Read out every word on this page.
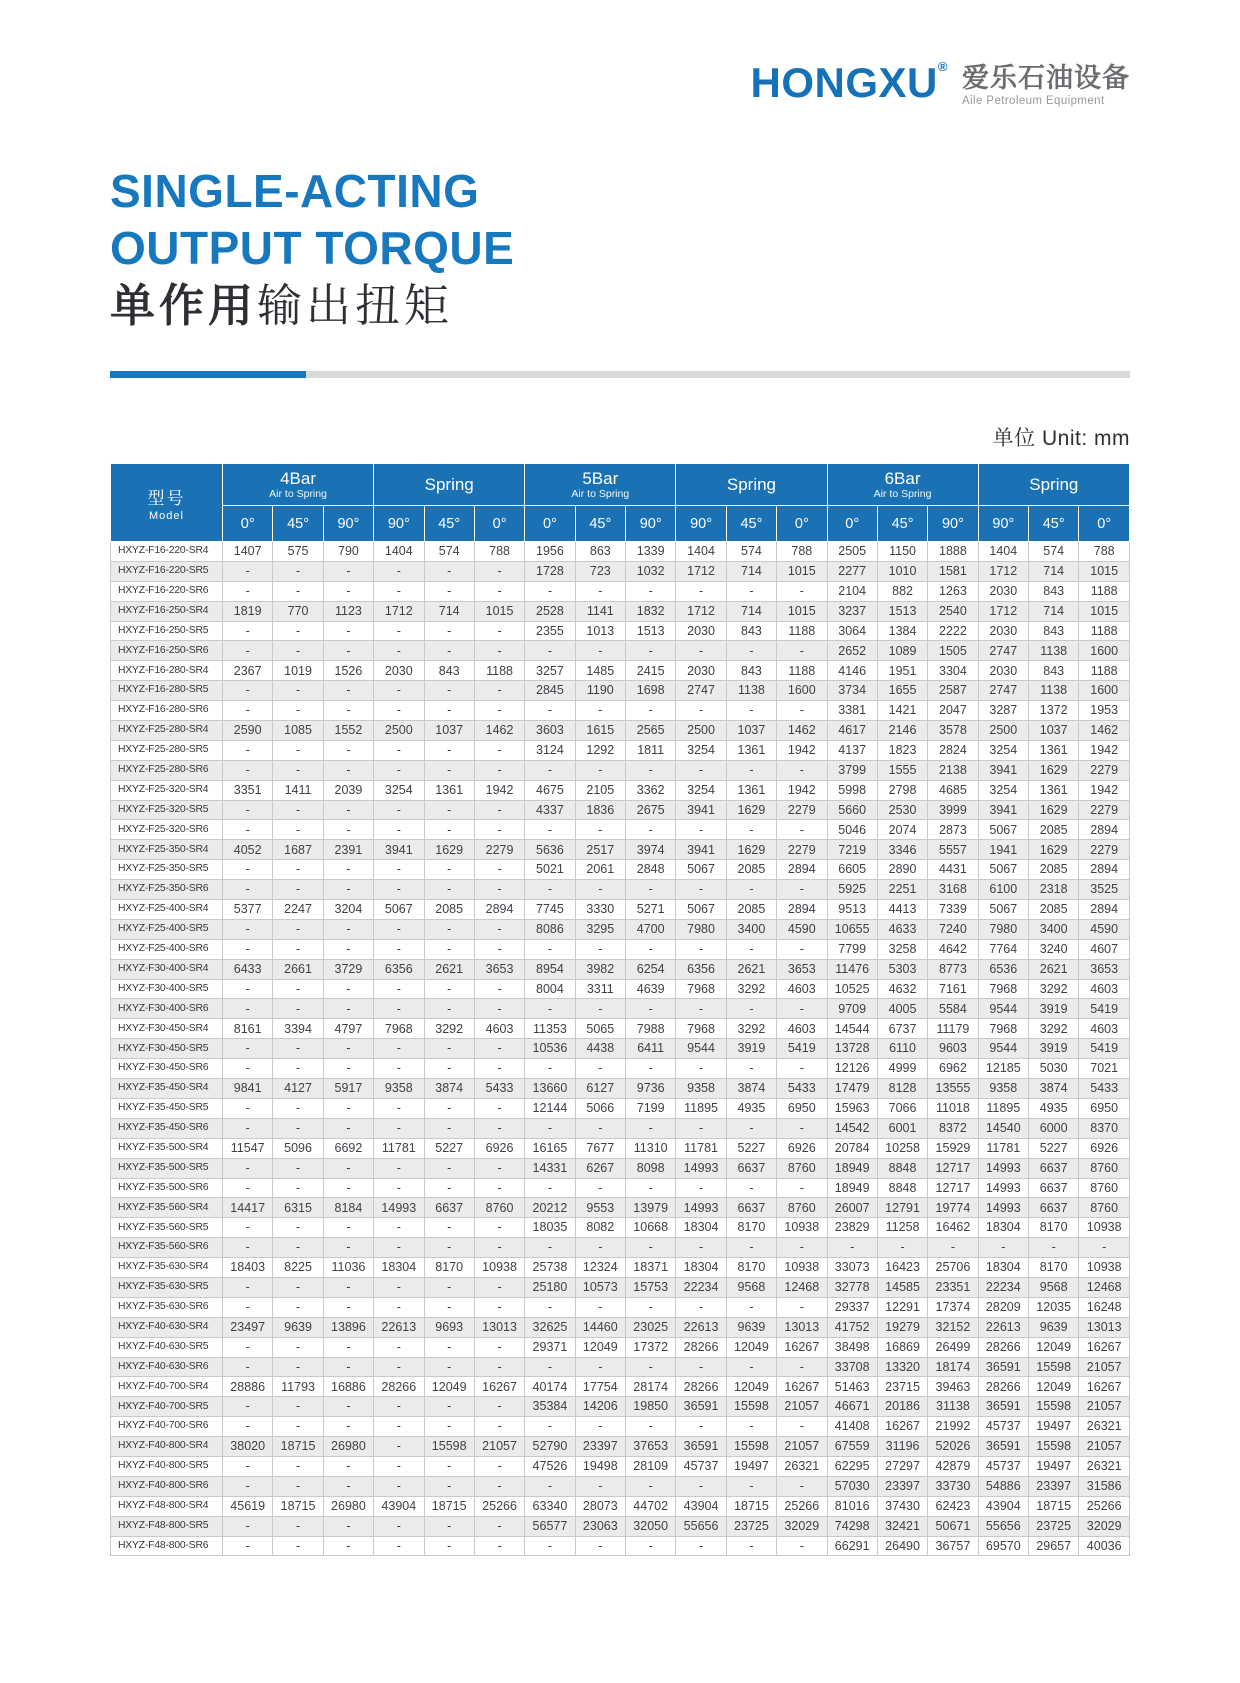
HONGXU® 爱乐石油设备
Aile Petroleum Equipment
SINGLE-ACTING
OUTPUT TORQUE
单作用输出扭矩
单位 Unit: mm
型号
Model

4Bar
Air to Spring

Spring	5Bar
Air to Spring

Spring	6Bar
Air to Spring

Spring

	0°	45°	90°	90°	45°	0°	0°	45°	90°	90°	45°	0°	0°	45°	90°	90°	45°	0°
HXYZ-F16-220-SR4	1407	575	790	1404	574	788	1956	863	1339	1404	574	788	2505	1150	1888	1404	574	788
HXYZ-F16-220-SR5	-	-	-	-	-	-	1728	723	1032	1712	714	1015	2277	1010	1581	1712	714	1015
HXYZ-F16-220-SR6	-	-	-	-	-	-	-	-	-	-	-	-	2104	882	1263	2030	843	1188
HXYZ-F16-250-SR4	1819	770	1123	1712	714	1015	2528	1141	1832	1712	714	1015	3237	1513	2540	1712	714	1015
HXYZ-F16-250-SR5	-	-	-	-	-	-	2355	1013	1513	2030	843	1188	3064	1384	2222	2030	843	1188
HXYZ-F16-250-SR6	-	-	-	-	-	-	-	-	-	-	-	-	2652	1089	1505	2747	1138	1600
HXYZ-F16-280-SR4	2367	1019	1526	2030	843	1188	3257	1485	2415	2030	843	1188	4146	1951	3304	2030	843	1188
HXYZ-F16-280-SR5	-	-	-	-	-	-	2845	1190	1698	2747	1138	1600	3734	1655	2587	2747	1138	1600
HXYZ-F16-280-SR6	-	-	-	-	-	-	-	-	-	-	-	-	3381	1421	2047	3287	1372	1953
HXYZ-F25-280-SR4	2590	1085	1552	2500	1037	1462	3603	1615	2565	2500	1037	1462	4617	2146	3578	2500	1037	1462
HXYZ-F25-280-SR5	-	-	-	-	-	-	3124	1292	1811	3254	1361	1942	4137	1823	2824	3254	1361	1942
HXYZ-F25-280-SR6	-	-	-	-	-	-	-	-	-	-	-	-	3799	1555	2138	3941	1629	2279
HXYZ-F25-320-SR4	3351	1411	2039	3254	1361	1942	4675	2105	3362	3254	1361	1942	5998	2798	4685	3254	1361	1942
HXYZ-F25-320-SR5	-	-	-	-	-	-	4337	1836	2675	3941	1629	2279	5660	2530	3999	3941	1629	2279
HXYZ-F25-320-SR6	-	-	-	-	-	-	-	-	-	-	-	-	5046	2074	2873	5067	2085	2894
HXYZ-F25-350-SR4	4052	1687	2391	3941	1629	2279	5636	2517	3974	3941	1629	2279	7219	3346	5557	1941	1629	2279
HXYZ-F25-350-SR5	-	-	-	-	-	-	5021	2061	2848	5067	2085	2894	6605	2890	4431	5067	2085	2894
HXYZ-F25-350-SR6	-	-	-	-	-	-	-	-	-	-	-	-	5925	2251	3168	6100	2318	3525
HXYZ-F25-400-SR4	5377	2247	3204	5067	2085	2894	7745	3330	5271	5067	2085	2894	9513	4413	7339	5067	2085	2894
HXYZ-F25-400-SR5	-	-	-	-	-	-	8086	3295	4700	7980	3400	4590	10655	4633	7240	7980	3400	4590
HXYZ-F25-400-SR6	-	-	-	-	-	-	-	-	-	-	-	-	7799	3258	4642	7764	3240	4607
HXYZ-F30-400-SR4	6433	2661	3729	6356	2621	3653	8954	3982	6254	6356	2621	3653	11476	5303	8773	6536	2621	3653
HXYZ-F30-400-SR5	-	-	-	-	-	-	8004	3311	4639	7968	3292	4603	10525	4632	7161	7968	3292	4603
HXYZ-F30-400-SR6	-	-	-	-	-	-	-	-	-	-	-	-	9709	4005	5584	9544	3919	5419
HXYZ-F30-450-SR4	8161	3394	4797	7968	3292	4603	11353	5065	7988	7968	3292	4603	14544	6737	11179	7968	3292	4603
HXYZ-F30-450-SR5	-	-	-	-	-	-	10536	4438	6411	9544	3919	5419	13728	6110	9603	9544	3919	5419
HXYZ-F30-450-SR6	-	-	-	-	-	-	-	-	-	-	-	-	12126	4999	6962	12185	5030	7021
HXYZ-F35-450-SR4	9841	4127	5917	9358	3874	5433	13660	6127	9736	9358	3874	5433	17479	8128	13555	9358	3874	5433
HXYZ-F35-450-SR5	-	-	-	-	-	-	12144	5066	7199	11895	4935	6950	15963	7066	11018	11895	4935	6950
HXYZ-F35-450-SR6	-	-	-	-	-	-	-	-	-	-	-	-	14542	6001	8372	14540	6000	8370
HXYZ-F35-500-SR4	11547	5096	6692	11781	5227	6926	16165	7677	11310	11781	5227	6926	20784	10258	15929	11781	5227	6926
HXYZ-F35-500-SR5	-	-	-	-	-	-	14331	6267	8098	14993	6637	8760	18949	8848	12717	14993	6637	8760
HXYZ-F35-500-SR6	-	-	-	-	-	-	-	-	-	-	-	-	18949	8848	12717	14993	6637	8760
HXYZ-F35-560-SR4	14417	6315	8184	14993	6637	8760	20212	9553	13979	14993	6637	8760	26007	12791	19774	14993	6637	8760
HXYZ-F35-560-SR5	-	-	-	-	-	-	18035	8082	10668	18304	8170	10938	23829	11258	16462	18304	8170	10938
HXYZ-F35-560-SR6	-	-	-	-	-	-	-	-	-	-	-	-	-	-	-	-	-	-
HXYZ-F35-630-SR4	18403	8225	11036	18304	8170	10938	25738	12324	18371	18304	8170	10938	33073	16423	25706	18304	8170	10938
HXYZ-F35-630-SR5	-	-	-	-	-	-	25180	10573	15753	22234	9568	12468	32778	14585	23351	22234	9568	12468
HXYZ-F35-630-SR6	-	-	-	-	-	-	-	-	-	-	-	-	29337	12291	17374	28209	12035	16248
HXYZ-F40-630-SR4	23497	9639	13896	22613	9693	13013	32625	14460	23025	22613	9639	13013	41752	19279	32152	22613	9639	13013
HXYZ-F40-630-SR5	-	-	-	-	-	-	29371	12049	17372	28266	12049	16267	38498	16869	26499	28266	12049	16267
HXYZ-F40-630-SR6	-	-	-	-	-	-	-	-	-	-	-	-	33708	13320	18174	36591	15598	21057
HXYZ-F40-700-SR4	28886	11793	16886	28266	12049	16267	40174	17754	28174	28266	12049	16267	51463	23715	39463	28266	12049	16267
HXYZ-F40-700-SR5	-	-	-	-	-	-	35384	14206	19850	36591	15598	21057	46671	20186	31138	36591	15598	21057
HXYZ-F40-700-SR6	-	-	-	-	-	-	-	-	-	-	-	-	41408	16267	21992	45737	19497	26321
HXYZ-F40-800-SR4	38020	18715	26980	-	15598	21057	52790	23397	37653	36591	15598	21057	67559	31196	52026	36591	15598	21057
HXYZ-F40-800-SR5	-	-	-	-	-	-	47526	19498	28109	45737	19497	26321	62295	27297	42879	45737	19497	26321
HXYZ-F40-800-SR6	-	-	-	-	-	-	-	-	-	-	-	-	57030	23397	33730	54886	23397	31586
HXYZ-F48-800-SR4	45619	18715	26980	43904	18715	25266	63340	28073	44702	43904	18715	25266	81016	37430	62423	43904	18715	25266
HXYZ-F48-800-SR5	-	-	-	-	-	-	56577	23063	32050	55656	23725	32029	74298	32421	50671	55656	23725	32029
HXYZ-F48-800-SR6	-	-	-	-	-	-	-	-	-	-	-	-	66291	26490	36757	69570	29657	40036
